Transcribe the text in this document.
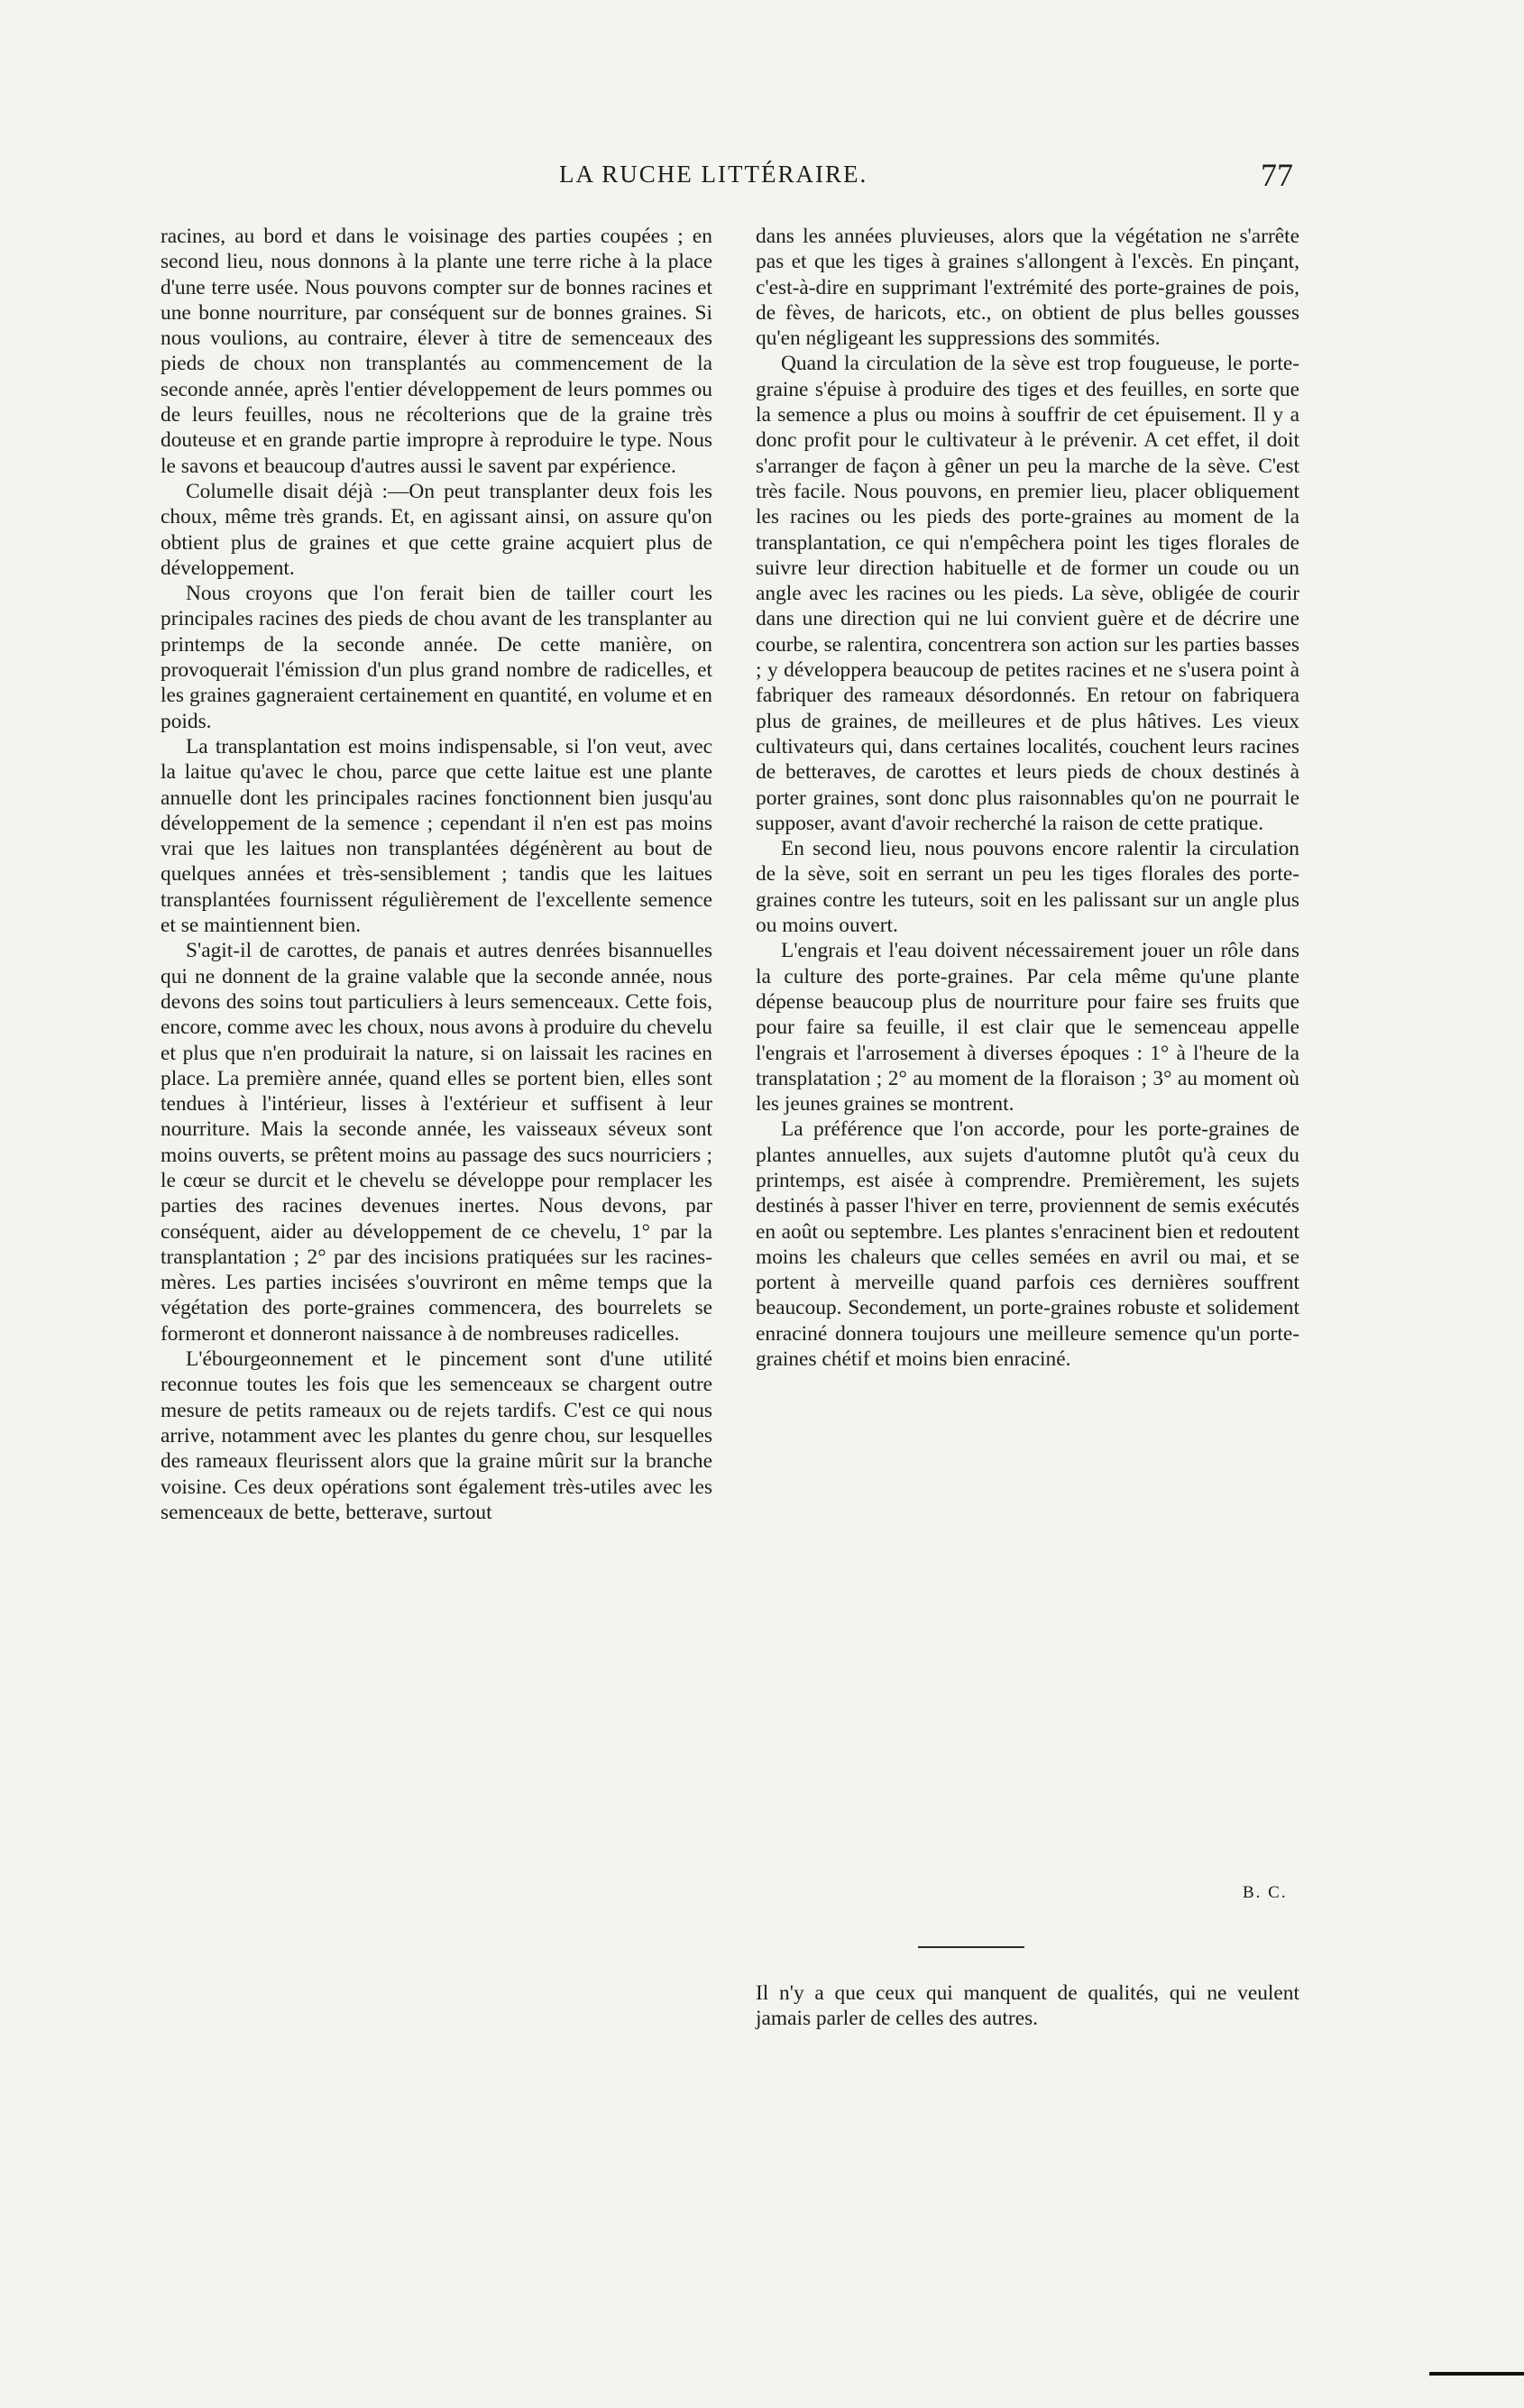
LA RUCHE LITTÉRAIRE.	77

racines, au bord et dans le voisinage des parties coupées ; en second lieu, nous donnons à la plante une terre riche à la place d'une terre usée. Nous pouvons compter sur de bonnes racines et une bonne nourriture, par conséquent sur de bonnes graines. Si nous voulions, au contraire, élever à titre de semenceaux des pieds de choux non transplantés au commencement de la seconde année, après l'entier développement de leurs pommes ou de leurs feuilles, nous ne récolterions que de la graine très douteuse et en grande partie impropre à reproduire le type. Nous le savons et beaucoup d'autres aussi le savent par expérience.

Columelle disait déjà :—On peut transplanter deux fois les choux, même très grands. Et, en agissant ainsi, on assure qu'on obtient plus de graines et que cette graine acquiert plus de développement.

Nous croyons que l'on ferait bien de tailler court les principales racines des pieds de chou avant de les transplanter au printemps de la seconde année. De cette manière, on provoquerait l'émission d'un plus grand nombre de radicelles, et les graines gagneraient certainement en quantité, en volume et en poids.

La transplantation est moins indispensable, si l'on veut, avec la laitue qu'avec le chou, parce que cette laitue est une plante annuelle dont les principales racines fonctionnent bien jusqu'au développement de la semence ; cependant il n'en est pas moins vrai que les laitues non transplantées dégénèrent au bout de quelques années et très-sensiblement ; tandis que les laitues transplantées fournissent régulièrement de l'excellente semence et se maintiennent bien.

S'agit-il de carottes, de panais et autres denrées bisannuelles qui ne donnent de la graine valable que la seconde année, nous devons des soins tout particuliers à leurs semenceaux. Cette fois, encore, comme avec les choux, nous avons à produire du chevelu et plus que n'en produirait la nature, si on laissait les racines en place. La première année, quand elles se portent bien, elles sont tendues à l'intérieur, lisses à l'extérieur et suffisent à leur nourriture. Mais la seconde année, les vaisseaux séveux sont moins ouverts, se prêtent moins au passage des sucs nourriciers ; le cœur se durcit et le chevelu se développe pour remplacer les parties des racines devenues inertes. Nous devons, par conséquent, aider au développement de ce chevelu, 1° par la transplantation ; 2° par des incisions pratiquées sur les racines-mères. Les parties incisées s'ouvriront en même temps que la végétation des porte-graines commencera, des bourrelets se formeront et donneront naissance à de nombreuses radicelles.

L'ébourgeonnement et le pincement sont d'une utilité reconnue toutes les fois que les semenceaux se chargent outre mesure de petits rameaux ou de rejets tardifs. C'est ce qui nous arrive, notamment avec les plantes du genre chou, sur lesquelles des rameaux fleurissent alors que la graine mûrit sur la branche voisine. Ces deux opérations sont également très-utiles avec les semenceaux de bette, betterave, surtout

dans les années pluvieuses, alors que la végétation ne s'arrête pas et que les tiges à graines s'allongent à l'excès. En pinçant, c'est-à-dire en supprimant l'extrémité des porte-graines de pois, de fèves, de haricots, etc., on obtient de plus belles gousses qu'en négligeant les suppressions des sommités.

Quand la circulation de la sève est trop fougueuse, le porte-graine s'épuise à produire des tiges et des feuilles, en sorte que la semence a plus ou moins à souffrir de cet épuisement. Il y a donc profit pour le cultivateur à le prévenir. A cet effet, il doit s'arranger de façon à gêner un peu la marche de la sève. C'est très facile. Nous pouvons, en premier lieu, placer obliquement les racines ou les pieds des porte-graines au moment de la transplantation, ce qui n'empêchera point les tiges florales de suivre leur direction habituelle et de former un coude ou un angle avec les racines ou les pieds. La sève, obligée de courir dans une direction qui ne lui convient guère et de décrire une courbe, se ralentira, concentrera son action sur les parties basses ; y développera beaucoup de petites racines et ne s'usera point à fabriquer des rameaux désordonnés. En retour on fabriquera plus de graines, de meilleures et de plus hâtives. Les vieux cultivateurs qui, dans certaines localités, couchent leurs racines de betteraves, de carottes et leurs pieds de choux destinés à porter graines, sont donc plus raisonnables qu'on ne pourrait le supposer, avant d'avoir recherché la raison de cette pratique.

En second lieu, nous pouvons encore ralentir la circulation de la sève, soit en serrant un peu les tiges florales des porte-graines contre les tuteurs, soit en les palissant sur un angle plus ou moins ouvert.

L'engrais et l'eau doivent nécessairement jouer un rôle dans la culture des porte-graines. Par cela même qu'une plante dépense beaucoup plus de nourriture pour faire ses fruits que pour faire sa feuille, il est clair que le semenceau appelle l'engrais et l'arrosement à diverses époques : 1° à l'heure de la transplatation ; 2° au moment de la floraison ; 3° au moment où les jeunes graines se montrent.

La préférence que l'on accorde, pour les porte-graines de plantes annuelles, aux sujets d'automne plutôt qu'à ceux du printemps, est aisée à comprendre. Premièrement, les sujets destinés à passer l'hiver en terre, proviennent de semis exécutés en août ou septembre. Les plantes s'enracinent bien et redoutent moins les chaleurs que celles semées en avril ou mai, et se portent à merveille quand parfois ces dernières souffrent beaucoup. Secondement, un porte-graines robuste et solidement enraciné donnera toujours une meilleure semence qu'un porte-graines chétif et moins bien enraciné.

B. C.
Il n'y a que ceux qui manquent de qualités, qui ne veulent jamais parler de celles des autres.
